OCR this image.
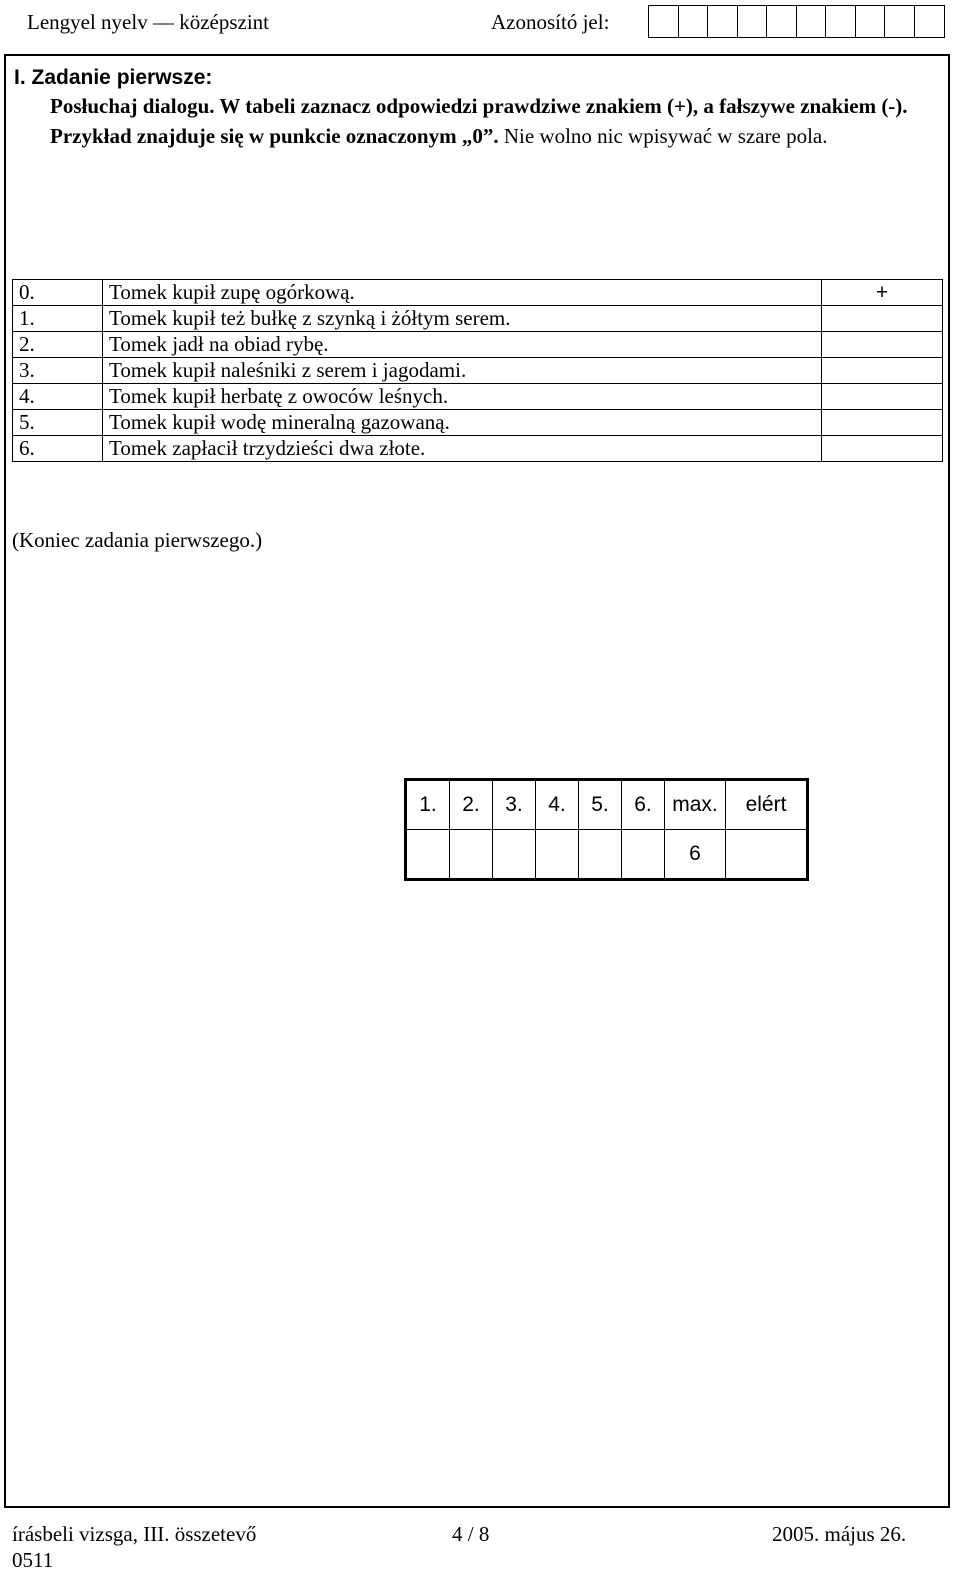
Lengyel nyelv — középszint	Azonosító jel:
I. Zadanie pierwsze:
Posłuchaj dialogu. W tabeli zaznacz odpowiedzi prawdziwe znakiem (+), a fałszywe znakiem (-). Przykład znajduje się w punkcie oznaczonym „0”. Nie wolno nic wpisywać w szare pola.
0.	Tomek kupił zupę ogórkową.	+
1.	Tomek kupił też bułkę z szynką i żółtym serem.	
2.	Tomek jadł na obiad rybę.	
3.	Tomek kupił naleśniki z serem i jagodami.	
4.	Tomek kupił herbatę z owoców leśnych.	
5.	Tomek kupił wodę mineralną gazowaną.	
6.	Tomek zapłacił trzydzieści dwa złote.	
(Koniec zadania pierwszego.)
1.	2.	3.	4.	5.	6.	max.	elért
						6	
írásbeli vizsga, III. összetevő	4 / 8	2005. május 26.
0511
